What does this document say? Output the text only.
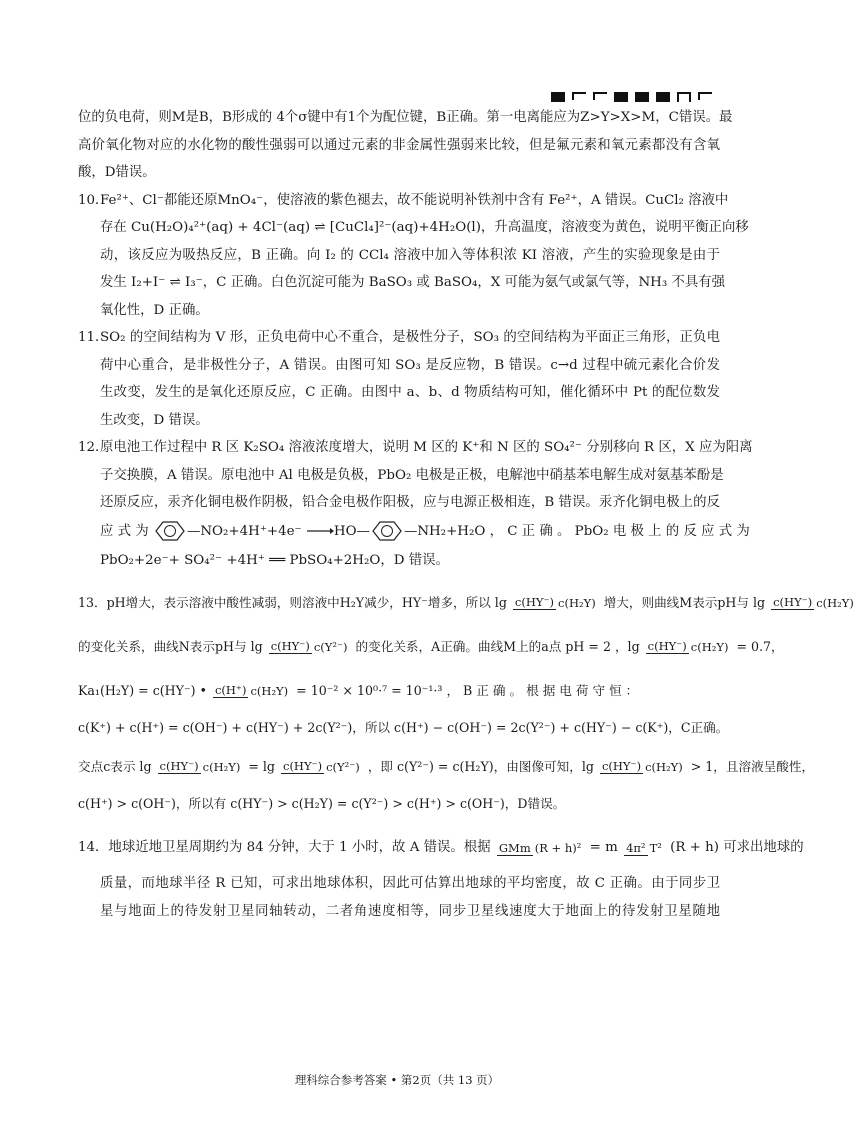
位的负电荷，则M是B，B形成的 4个σ键中有1个为配位键，B正确。第一电离能应为Z>Y>X>M，C错误。最
高价氧化物对应的水化物的酸性强弱可以通过元素的非金属性强弱来比较，但是氟元素和氧元素都没有含氧
酸，D错误。
10．Fe²⁺、Cl⁻都能还原MnO₄⁻，使溶液的紫色褪去，故不能说明补铁剂中含有 Fe²⁺，A 错误。CuCl₂ 溶液中
存在 Cu(H₂O)₄²⁺(aq) + 4Cl⁻(aq) ⇌ [CuCl₄]²⁻(aq)+4H₂O(l)，升高温度，溶液变为黄色，说明平衡正向移
动，该反应为吸热反应，B 正确。向 I₂ 的 CCl₄ 溶液中加入等体积浓 KI 溶液，产生的实验现象是由于
发生 I₂+I⁻ ⇌ I₃⁻，C 正确。白色沉淀可能为 BaSO₃ 或 BaSO₄，X 可能为氨气或氯气等，NH₃ 不具有强
氧化性，D 正确。
11．SO₂ 的空间结构为 V 形，正负电荷中心不重合，是极性分子，SO₃ 的空间结构为平面正三角形，正负电
荷中心重合，是非极性分子，A 错误。由图可知 SO₃ 是反应物，B 错误。c→d 过程中硫元素化合价发
生改变，发生的是氧化还原反应，C 正确。由图中 a、b、d 物质结构可知，催化循环中 Pt 的配位数发
生改变，D 错误。
12．原电池工作过程中 R 区 K₂SO₄ 溶液浓度增大，说明 M 区的 K⁺和 N 区的 SO₄²⁻ 分别移向 R 区，X 应为阳离
子交换膜，A 错误。原电池中 Al 电极是负极，PbO₂ 电极是正极，电解池中硝基苯电解生成对氨基苯酚是
还原反应，汞齐化铜电极作阴极，铅合金电极作阳极，应与电源正极相连，B 错误。汞齐化铜电极上的反
应 式 为	—NO₂+4H⁺+4e⁻ →HO—	—NH₂+H₂O ， C 正 确 。 PbO₂ 电 极 上 的 反 应 式 为
PbO₂+2e⁻+ SO₄²⁻ +4H⁺ ══ PbSO₄+2H₂O，D 错误。
13．pH增大，表示溶液中酸性减弱，则溶液中H₂Y减少，HY⁻增多，所以 lg c(HY⁻) c(H₂Y) 增大，则曲线M表示pH与 lg c(HY⁻) c(H₂Y)
的变化关系，曲线N表示pH与 lg c(HY⁻) c(Y²⁻) 的变化关系，A正确。曲线M上的a点 pH = 2 ，lg c(HY⁻) c(H₂Y) = 0.7，
Ka₁(H₂Y) = c(HY⁻) • c(H⁺) c(H₂Y) = 10⁻² × 10⁰·⁷ = 10⁻¹·³ ， B 正 确 。 根 据 电 荷 守 恒 ：
c(K⁺) + c(H⁺) = c(OH⁻) + c(HY⁻) + 2c(Y²⁻)，所以 c(H⁺) − c(OH⁻) = 2c(Y²⁻) + c(HY⁻) − c(K⁺)，C正确。
交点c表示 lg c(HY⁻) c(H₂Y) = lg c(HY⁻) c(Y²⁻) ，即 c(Y²⁻) = c(H₂Y)，由图像可知，lg c(HY⁻) c(H₂Y) > 1，且溶液呈酸性，
c(H⁺) > c(OH⁻)，所以有 c(HY⁻) > c(H₂Y) = c(Y²⁻) > c(H⁺) > c(OH⁻)，D错误。
14．地球近地卫星周期约为 84 分钟，大于 1 小时，故 A 错误。根据 GMm (R + h)² = m 4π² T² (R + h) 可求出地球的
质量，而地球半径 R 已知，可求出地球体积，因此可估算出地球的平均密度，故 C 正确。由于同步卫
星与地面上的待发射卫星同轴转动，二者角速度相等，同步卫星线速度大于地面上的待发射卫星随地
理科综合参考答案 • 第2页（共 13 页）
